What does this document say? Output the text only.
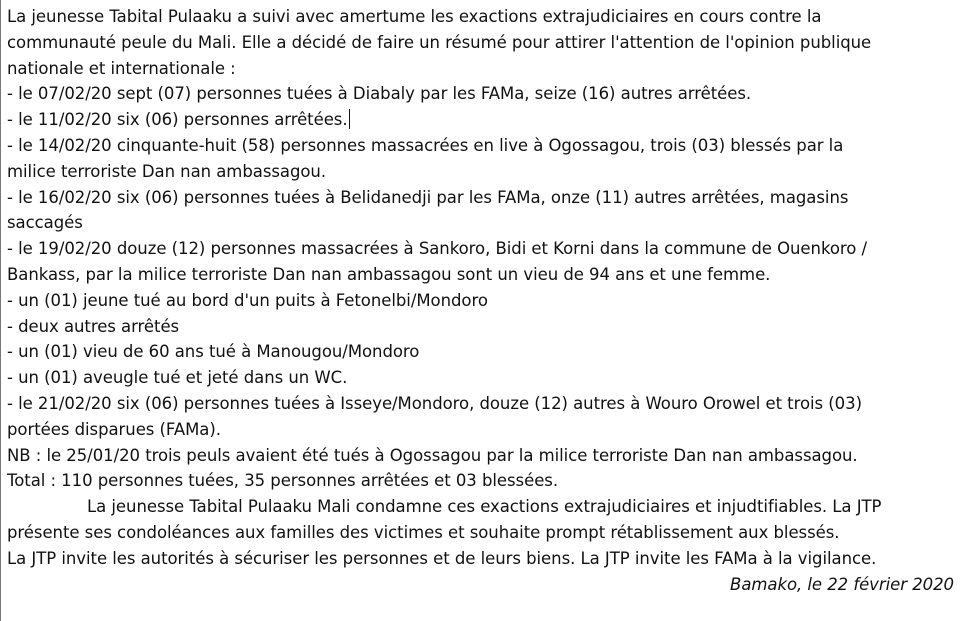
La jeunesse Tabital Pulaaku a suivi avec amertume les exactions extrajudiciaires en cours contre la
communauté peule du Mali. Elle a décidé de faire un résumé pour attirer l'attention de l'opinion publique
nationale et internationale :
- le 07/02/20 sept (07) personnes tuées à Diabaly par les FAMa, seize (16) autres arrêtées.
- le 11/02/20 six (06) personnes arrêtées.
- le 14/02/20 cinquante-huit (58) personnes massacrées en live à Ogossagou, trois (03) blessés par la
milice terroriste Dan nan ambassagou.
- le 16/02/20 six (06) personnes tuées à Belidanedji par les FAMa, onze (11) autres arrêtées, magasins
saccagés
- le 19/02/20 douze (12) personnes massacrées à Sankoro, Bidi et Korni dans la commune de Ouenkoro /
Bankass, par la milice terroriste Dan nan ambassagou sont un vieu de 94 ans et une femme.
- un (01) jeune tué au bord d'un puits à Fetonelbi/Mondoro
- deux autres arrêtés
- un (01) vieu de 60 ans tué à Manougou/Mondoro
- un (01) aveugle tué et jeté dans un WC.
- le 21/02/20 six (06) personnes tuées à Isseye/Mondoro, douze (12) autres à Wouro Orowel et trois (03)
portées disparues (FAMa).
NB : le 25/01/20 trois peuls avaient été tués à Ogossagou par la milice terroriste Dan nan ambassagou.
Total : 110 personnes tuées, 35 personnes arrêtées et 03 blessées.
La jeunesse Tabital Pulaaku Mali condamne ces exactions extrajudiciaires et injudtifiables. La JTP
présente ses condoléances aux familles des victimes et souhaite prompt rétablissement aux blessés.
La JTP invite les autorités à sécuriser les personnes et de leurs biens. La JTP invite les FAMa à la vigilance.
Bamako, le 22 février 2020
